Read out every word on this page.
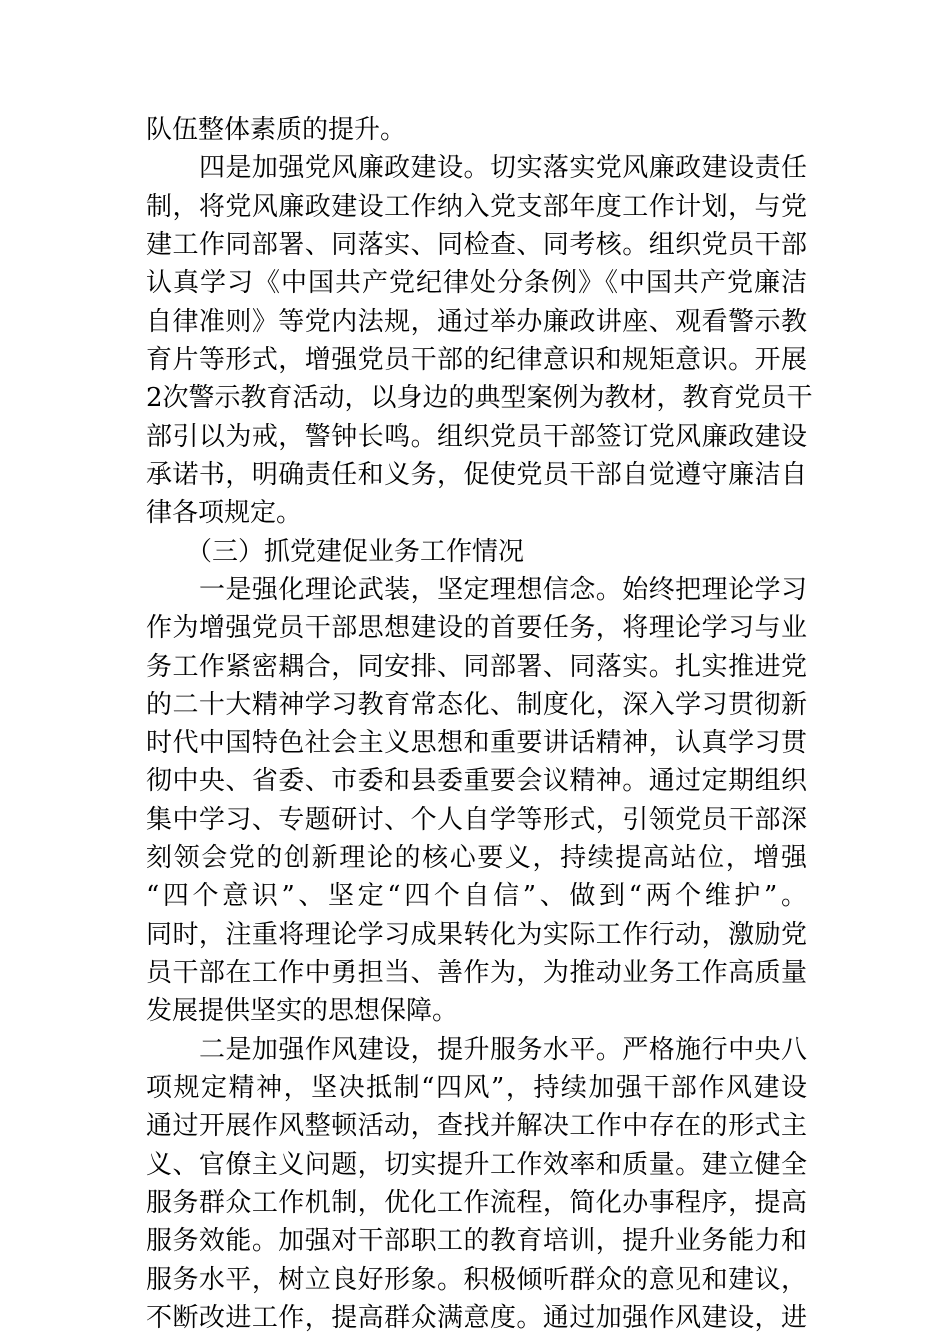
队伍整体素质的提升。
四是加强党风廉政建设。切实落实党风廉政建设责任
制，将党风廉政建设工作纳入党支部年度工作计划，与党
建工作同部署、同落实、同检查、同考核。组织党员干部
认真学习《中国共产党纪律处分条例》《中国共产党廉洁
自律准则》等党内法规，通过举办廉政讲座、观看警示教
育片等形式，增强党员干部的纪律意识和规矩意识。开展
2次警示教育活动，以身边的典型案例为教材，教育党员干
部引以为戒，警钟长鸣。组织党员干部签订党风廉政建设
承诺书，明确责任和义务，促使党员干部自觉遵守廉洁自
律各项规定。
（三）抓党建促业务工作情况
一是强化理论武装，坚定理想信念。始终把理论学习
作为增强党员干部思想建设的首要任务，将理论学习与业
务工作紧密耦合，同安排、同部署、同落实。扎实推进党
的二十大精神学习教育常态化、制度化，深入学习贯彻新
时代中国特色社会主义思想和重要讲话精神，认真学习贯
彻中央、省委、市委和县委重要会议精神。通过定期组织
集中学习、专题研讨、个人自学等形式，引领党员干部深
刻领会党的创新理论的核心要义，持续提高站位，增强
“四个意识”、坚定“四个自信”、做到“两个维护”。
同时，注重将理论学习成果转化为实际工作行动，激励党
员干部在工作中勇担当、善作为，为推动业务工作高质量
发展提供坚实的思想保障。
二是加强作风建设，提升服务水平。严格施行中央八
项规定精神，坚决抵制“四风”，持续加强干部作风建设
通过开展作风整顿活动，查找并解决工作中存在的形式主
义、官僚主义问题，切实提升工作效率和质量。建立健全
服务群众工作机制，优化工作流程，简化办事程序，提高
服务效能。加强对干部职工的教育培训，提升业务能力和
服务水平，树立良好形象。积极倾听群众的意见和建议，
不断改进工作，提高群众满意度。通过加强作风建设，进
